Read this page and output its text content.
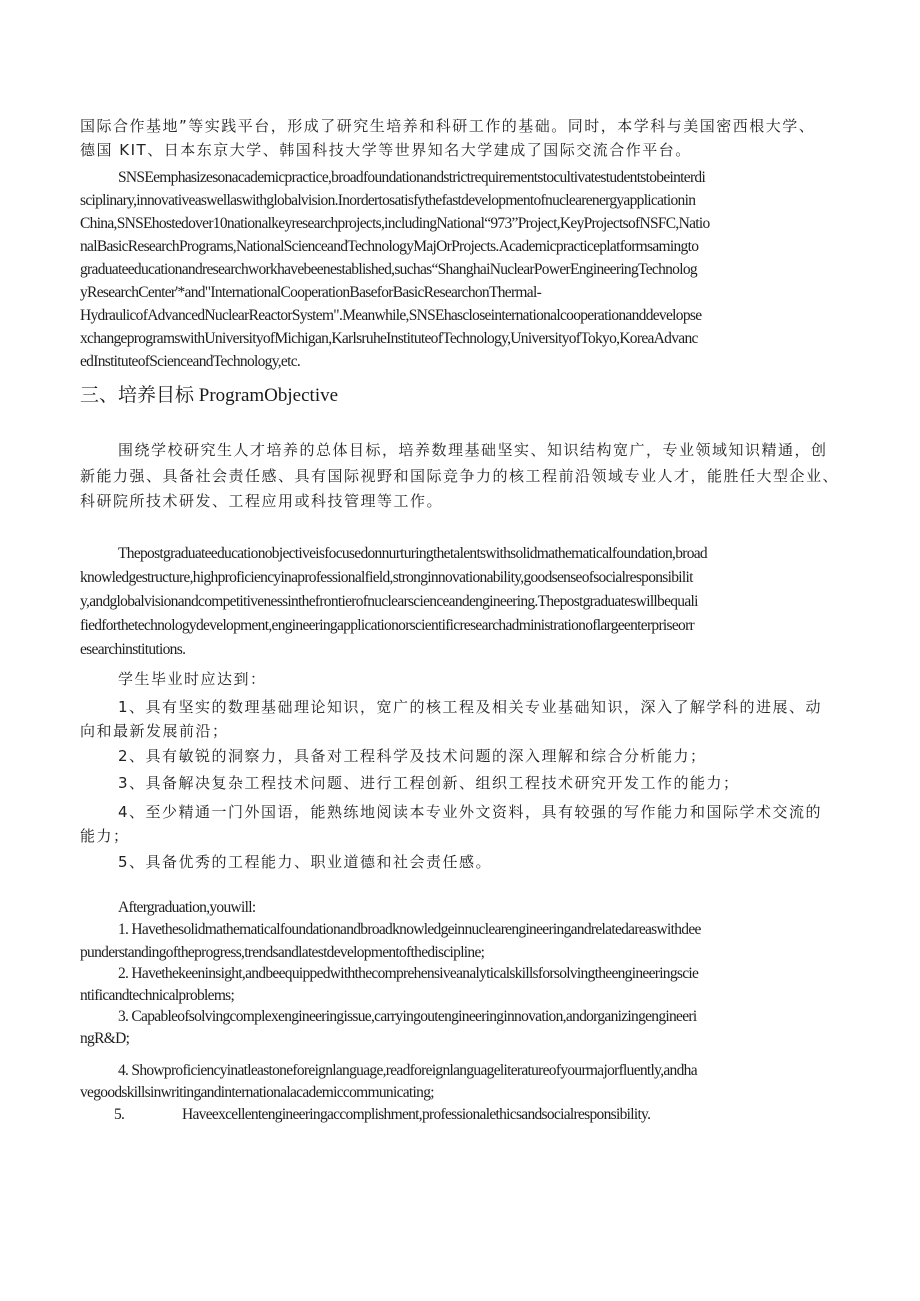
国际合作基地”等实践平台，形成了研究生培养和科研工作的基础。同时，本学科与美国密西根大学、
德国 KIT、日本东京大学、韩国科技大学等世界知名大学建成了国际交流合作平台。
SNSEemphasizesonacademicpractice,broadfoundationandstrictrequirementstocultivatestudentstobeinterdi
sciplinary,innovativeaswellaswithglobalvision.Inordertosatisfythefastdevelopmentofnuclearenergyapplicationin
China,SNSEhostedover10nationalkeyresearchprojects,includingNational“973”Project,KeyProjectsofNSFC,Natio
nalBasicResearchPrograms,NationalScienceandTechnologyMajOrProjects.Academicpracticeplatformsamingto
graduateeducationandresearchworkhavebeenestablished,suchas“ShanghaiNuclearPowerEngineeringTechnolog
yResearchCenter'*and"InternationalCooperationBaseforBasicResearchonThermal-
HydraulicofAdvancedNuclearReactorSystem".Meanwhile,SNSEhascloseinternationalcooperationanddevelopse
xchangeprogramswithUniversityofMichigan,KarlsruheInstituteofTechnology,UniversityofTokyo,KoreaAdvanc
edInstituteofScienceandTechnology,etc.
三、培养目标 ProgramObjective
围绕学校研究生人才培养的总体目标，培养数理基础坚实、知识结构宽广，专业领域知识精通，创
新能力强、具备社会责任感、具有国际视野和国际竞争力的核工程前沿领域专业人才，能胜任大型企业、
科研院所技术研发、工程应用或科技管理等工作。
Thepostgraduateeducationobjectiveisfocusedonnurturingthetalentswithsolidmathematicalfoundation,broad
knowledgestructure,highproficiencyinaprofessionalfield,stronginnovationability,goodsenseofsocialresponsibilit
y,andglobalvisionandcompetitivenessinthefrontierofnuclearscienceandengineering.Thepostgraduateswillbequali
fiedforthetechnologydevelopment,engineeringapplicationorscientificresearchadministrationoflargeenterpriseorr
esearchinstitutions.
学生毕业时应达到：
1、具有坚实的数理基础理论知识，宽广的核工程及相关专业基础知识，深入了解学科的进展、动
向和最新发展前沿；
2、具有敏锐的洞察力，具备对工程科学及技术问题的深入理解和综合分析能力；
3、具备解决复杂工程技术问题、进行工程创新、组织工程技术研究开发工作的能力；
4、至少精通一门外国语，能熟练地阅读本专业外文资料，具有较强的写作能力和国际学术交流的
能力；
5、具备优秀的工程能力、职业道德和社会责任感。
Aftergraduation,youwill:
1. Havethesolidmathematicalfoundationandbroadknowledgeinnuclearengineeringandrelatedareaswithdee
punderstandingoftheprogress,trendsandlatestdevelopmentofthediscipline;
2. Havethekeeninsight,andbeequippedwiththecomprehensiveanalyticalskillsforsolvingtheengineeringscie
ntificandtechnicalproblems;
3. Capableofsolvingcomplexengineeringissue,carryingoutengineeringinnovation,andorganizingengineeri
ngR&D;
4. Showproficiencyinatleastoneforeignlanguage,readforeignlanguageliteratureofyourmajorfluently,andha
vegoodskillsinwritingandinternationalacademiccommunicating;
5.	Haveexcellentengineeringaccomplishment,professionalethicsandsocialresponsibility.
